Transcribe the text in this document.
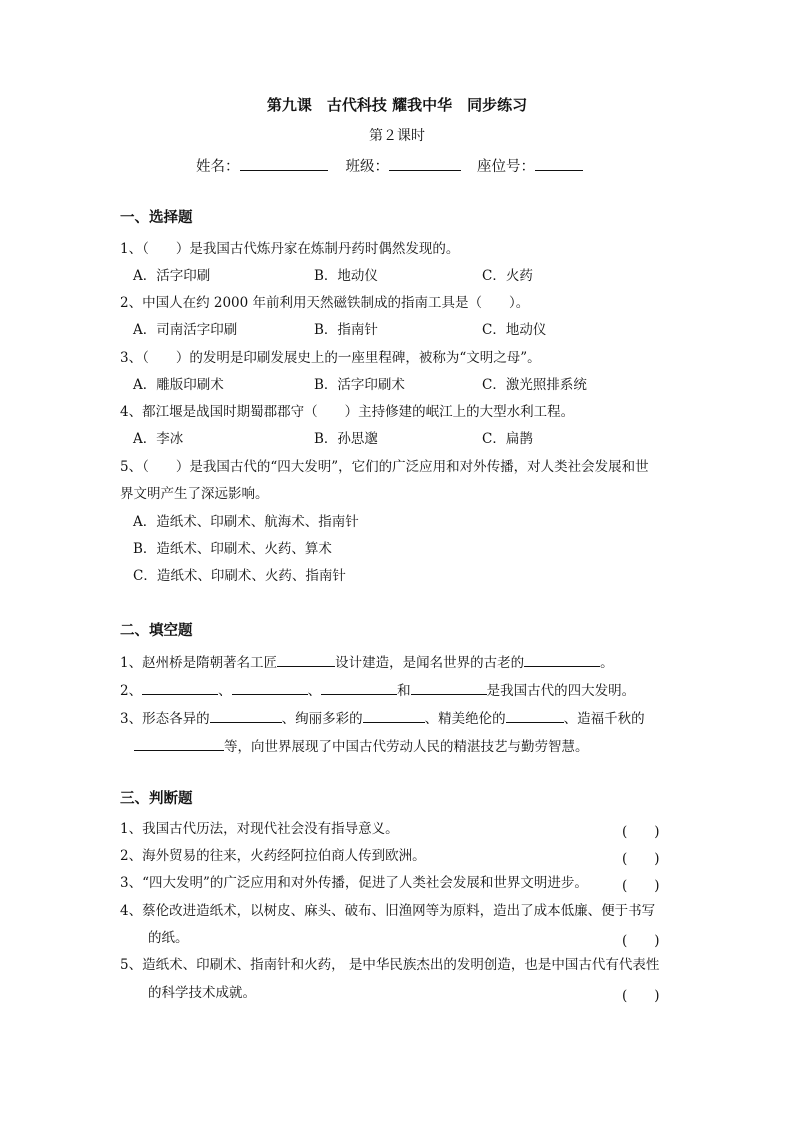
第九课　古代科技 耀我中华　同步练习
第２课时
姓名：	班级：	座位号：
一、选择题
1、（　　）是我国古代炼丹家在炼制丹药时偶然发现的。
A．活字印刷	B．地动仪	C．火药
2、中国人在约 2000 年前利用天然磁铁制成的指南工具是（　　）。
A．司南活字印刷	B．指南针	C．地动仪
3、（　　）的发明是印刷发展史上的一座里程碑，被称为“文明之母”。
A．雕版印刷术	B．活字印刷术	C．激光照排系统
4、都江堰是战国时期蜀郡郡守（　　）主持修建的岷江上的大型水利工程。
A．李冰	B．孙思邈	C．扁鹊
5、（　　）是我国古代的“四大发明”，它们的广泛应用和对外传播，对人类社会发展和世
界文明产生了深远影响。
A．造纸术、印刷术、航海术、指南针
B．造纸术、印刷术、火药、算术
C．造纸术、印刷术、火药、指南针
二、填空题
1、赵州桥是隋朝著名工匠	设计建造，是闻名世界的古老的	。
2、	、	、	和	是我国古代的四大发明。
3、形态各异的	、绚丽多彩的	、精美绝伦的	、造福千秋的
等，向世界展现了中国古代劳动人民的精湛技艺与勤劳智慧。
三、判断题
1、我国古代历法，对现代社会没有指导意义。	(　　)
2、海外贸易的往来，火药经阿拉伯商人传到欧洲。	(　　)
3、“四大发明”的广泛应用和对外传播，促进了人类社会发展和世界文明进步。	(　　)
4、蔡伦改进造纸术，以树皮、麻头、破布、旧渔网等为原料，造出了成本低廉、便于书写
的纸。	(　　)
5、造纸术、印刷术、指南针和火药， 是中华民族杰出的发明创造，也是中国古代有代表性
的科学技术成就。	(　　)
